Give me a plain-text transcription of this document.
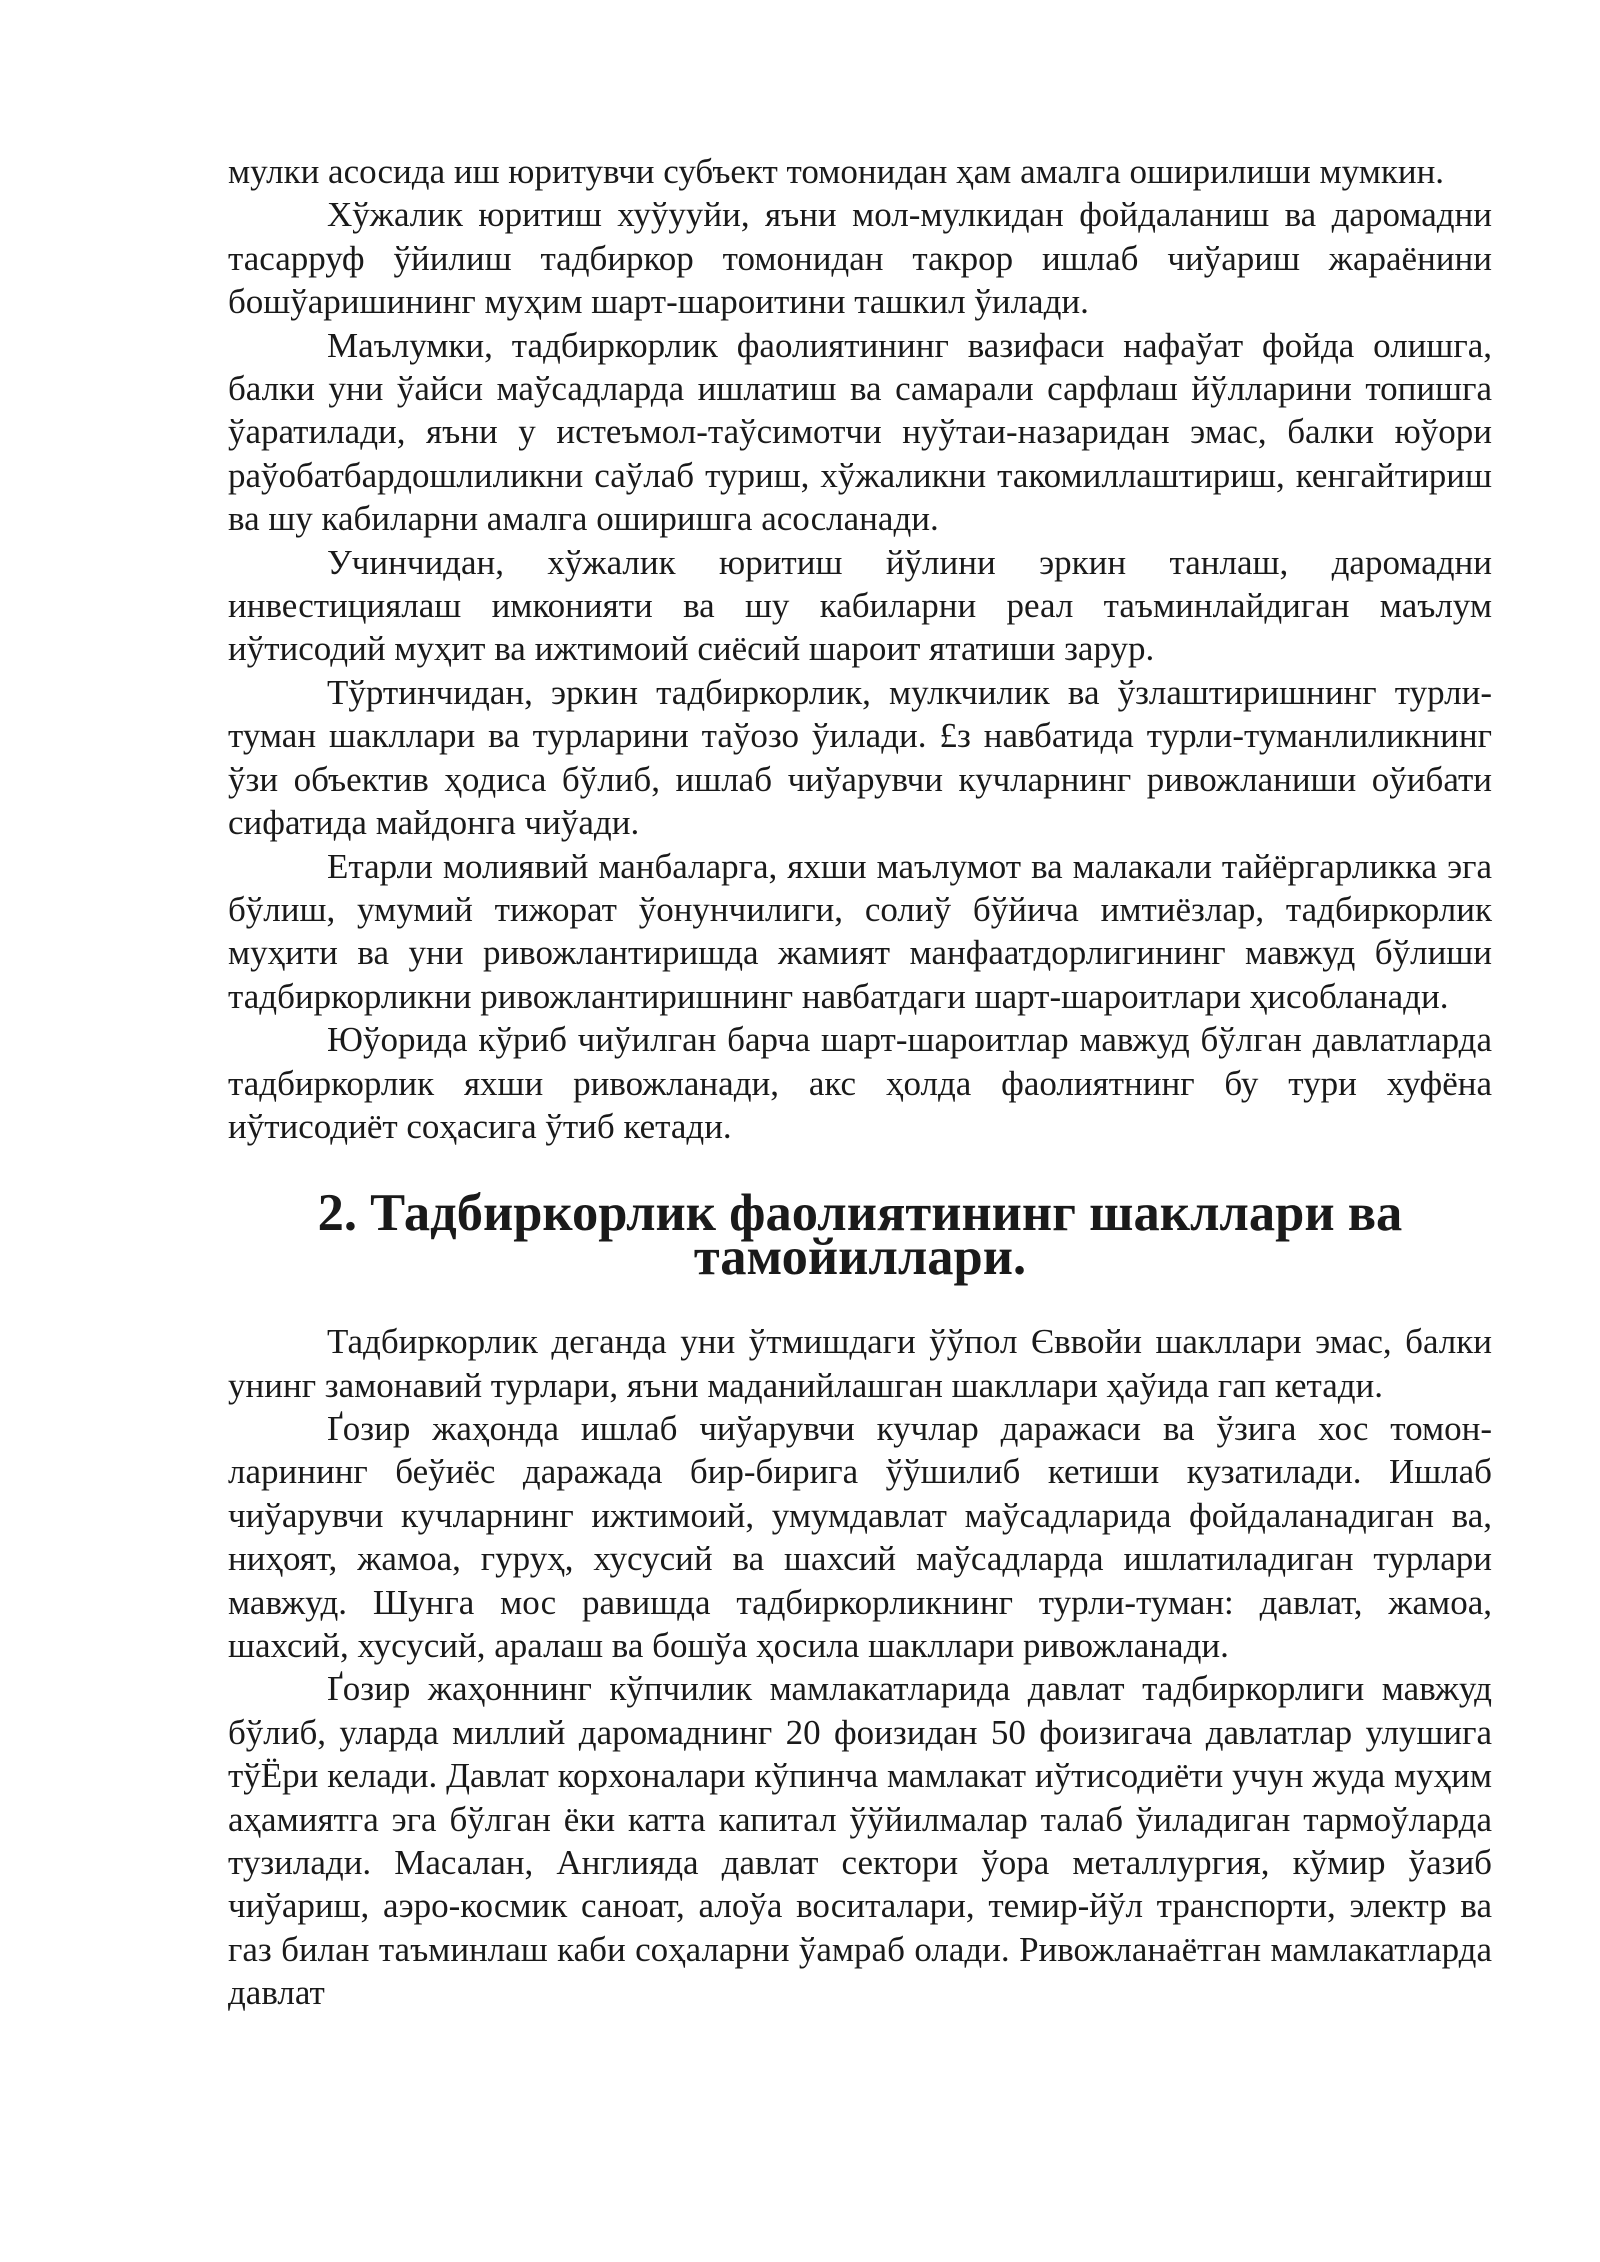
мулки асосида иш юритувчи субъект томонидан ҳам амалга оширилиши мумкин.

Хўжалик юритиш хуўууйи, яъни мол-мулкидан фойдаланиш ва даромадни тасарруф ўйилиш тадбиркор томонидан такрор ишлаб чиўариш жараёнини бошўаришининг муҳим шарт-шароитини ташкил ўилади.

Маълумки, тадбиркорлик фаолиятининг вазифаси нафаўат фойда олишга, балки уни ўайси маўсадларда ишлатиш ва самарали сарфлаш йўлларини топишга ўаратилади, яъни у истеъмол-таўсимотчи нуўтаи-назаридан эмас, балки юўори раўобатбардошлиликни саўлаб туриш, хўжаликни такомиллаштириш, кенгайтириш ва шу кабиларни амалга оширишга асосланади.

Учинчидан, хўжалик юритиш йўлини эркин танлаш, даромадни инвестициялаш имконияти ва шу кабиларни реал таъминлайдиган маълум иўтисодий муҳит ва ижтимоий сиёсий шароит ятатиши зарур.

Тўртинчидан, эркин тадбиркорлик, мулкчилик ва ўзлаштиришнинг турли-туман шакллари ва турларини таўозо ўилади. £з навбатида турли-туманлиликнинг ўзи объектив ҳодиса бўлиб, ишлаб чиўарувчи кучларнинг ривожланиши оўибати сифатида майдонга чиўади.

Етарли молиявий манбаларга, яхши маълумот ва малакали тайёргарликка эга бўлиш, умумий тижорат ўонунчилиги, солиў бўйича имтиёзлар, тадбиркорлик муҳити ва уни ривожлантиришда жамият манфаатдорлигининг мавжуд бўлиши тадбиркорликни ривожлантиришнинг навбатдаги шарт-шароитлари ҳисобланади.

Юўорида кўриб чиўилган барча шарт-шароитлар мавжуд бўлган давлатларда тадбиркорлик яхши ривожланади, акс ҳолда фаолиятнинг бу тури хуфёна иўтисодиёт соҳасига ўтиб кетади.

2. Тадбиркорлик фаолиятининг шакллари ва тамойиллари.

Тадбиркорлик деганда уни ўтмишдаги ўўпол Єввойи шакллари эмас, балки унинг замонавий турлари, яъни маданийлашган шакллари ҳаўида гап кетади.

Ґозир жаҳонда ишлаб чиўарувчи кучлар даражаси ва ўзига хос томон-ларининг беўиёс даражада бир-бирига ўўшилиб кетиши кузатилади. Ишлаб чиўарувчи кучларнинг ижтимоий, умумдавлат маўсадларида фойдаланадиган ва, ниҳоят, жамоа, гуруҳ, хусусий ва шахсий маўсадларда ишлатиладиган турлари мавжуд. Шунга мос равишда тадбиркорликнинг турли-туман: давлат, жамоа, шахсий, хусусий, аралаш ва бошўа ҳосила шакллари ривожланади.

Ґозир жаҳоннинг кўпчилик мамлакатларида давлат тадбиркорлиги мавжуд бўлиб, уларда миллий даромаднинг 20 фоизидан 50 фоизигача давлатлар улушига тўЁри келади. Давлат корхоналари кўпинча мамлакат иўтисодиёти учун жуда муҳим аҳамиятга эга бўлган ёки катта капитал ўўйилмалар талаб ўиладиган тармоўларда тузилади. Масалан, Англияда давлат сектори ўора металлургия, кўмир ўазиб чиўариш, аэро-космик саноат, алоўа воситалари, темир-йўл транспорти, электр ва газ билан таъминлаш каби соҳаларни ўамраб олади. Ривожланаётган мамлакатларда давлат
